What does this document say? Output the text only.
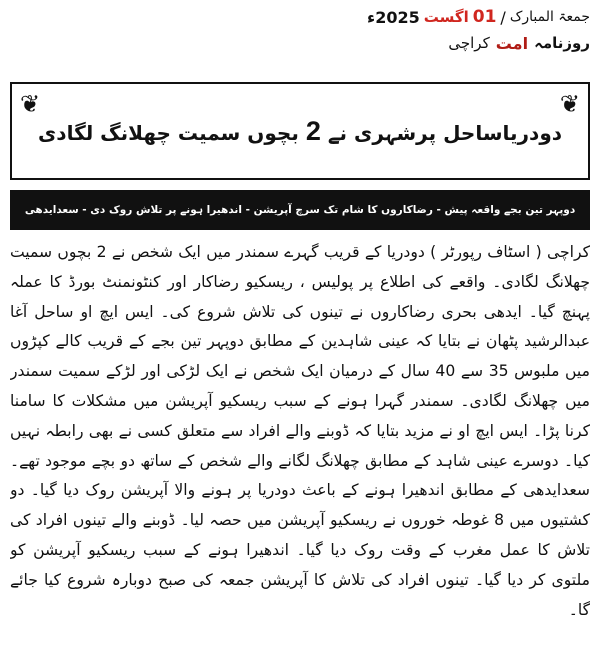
جمعۃ المبارک
/
01
اگست
2025ء
روزنامہ
امت
کراچی
❦
❦
دودریاساحل پرشہری نے 2 بچوں سمیت چھلانگ لگادی
دوپہر تین بجے واقعہ پیش - رضاکاروں کا شام تک سرچ آپریشن - اندھیرا ہونے پر تلاش روک دی - سعدایدھی
کراچی ( اسٹاف رپورٹر ) دودریا کے قریب گہرے سمندر میں ایک شخص نے 2 بچوں سمیت چھلانگ لگادی۔ واقعے کی اطلاع پر پولیس ، ریسکیو رضاکار اور کنٹونمنٹ بورڈ کا عملہ پہنچ گیا۔ ایدھی بحری رضاکاروں نے تینوں کی تلاش شروع کی۔ ایس ایچ او ساحل آغا عبدالرشید پٹھان نے بتایا کہ عینی شاہدین کے مطابق دوپہر تین بجے کے قریب کالے کپڑوں میں ملبوس 35 سے 40 سال کے درمیان ایک شخص نے ایک لڑکی اور لڑکے سمیت سمندر میں چھلانگ لگادی۔ سمندر گہرا ہونے کے سبب ریسکیو آپریشن میں مشکلات کا سامنا کرنا پڑا۔ ایس ایچ او نے مزید بتایا کہ ڈوبنے والے افراد سے متعلق کسی نے بھی رابطہ نہیں کیا۔ دوسرے عینی شاہد کے مطابق چھلانگ لگانے والے شخص کے ساتھ دو بچے موجود تھے۔ سعدایدھی کے مطابق اندھیرا ہونے کے باعث دودریا پر ہونے والا آپریشن روک دیا گیا۔ دو کشتیوں میں 8 غوطہ خوروں نے ریسکیو آپریشن میں حصہ لیا۔ ڈوبنے والے تینوں افراد کی تلاش کا عمل مغرب کے وقت روک دیا گیا۔ اندھیرا ہونے کے سبب ریسکیو آپریشن کو ملتوی کر دیا گیا۔ تینوں افراد کی تلاش کا آپریشن جمعہ کی صبح دوبارہ شروع کیا جائے گا۔
